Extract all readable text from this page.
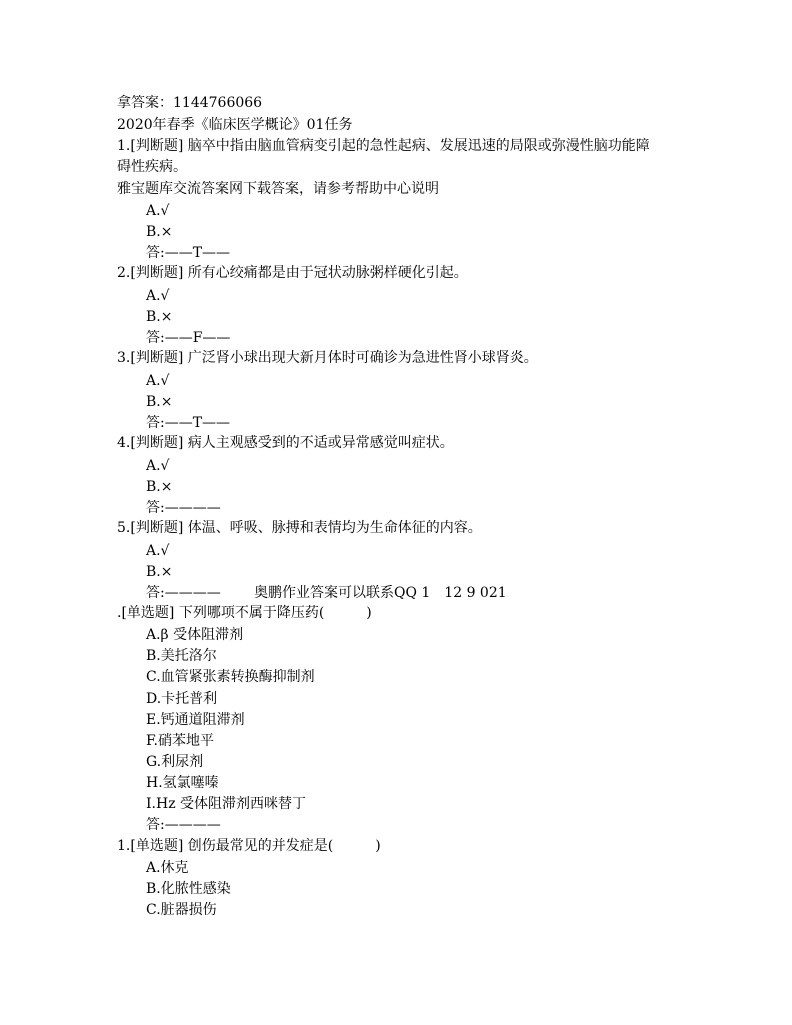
拿答案：1144766066
2020年春季《临床医学概论》01任务
1.[判断题] 脑卒中指由脑血管病变引起的急性起病、发展迅速的局限或弥漫性脑功能障
碍性疾病。
雅宝题库交流答案网下载答案，请参考帮助中心说明
A.√
B.×
答:——T——
2.[判断题] 所有心绞痛都是由于冠状动脉粥样硬化引起。
A.√
B.×
答:——F——
3.[判断题] 广泛肾小球出现大新月体时可确诊为急进性肾小球肾炎。
A.√
B.×
答:——T——
4.[判断题] 病人主观感受到的不适或异常感觉叫症状。
A.√
B.×
答:————
5.[判断题] 体温、呼吸、脉搏和表情均为生命体征的内容。
A.√
B.×
答:———— 奥鹏作业答案可以联系QQ 1　12 9 021
.[单选题] 下列哪项不属于降压药(　　　)
A.β 受体阻滞剂
B.美托洛尔
C.血管紧张素转换酶抑制剂
D.卡托普利
E.钙通道阻滞剂
F.硝苯地平
G.利尿剂
H.氢氯噻嗪
I.Hz 受体阻滞剂西咪替丁
答:————
1.[单选题] 创伤最常见的并发症是(　　　)
A.休克
B.化脓性感染
C.脏器损伤
